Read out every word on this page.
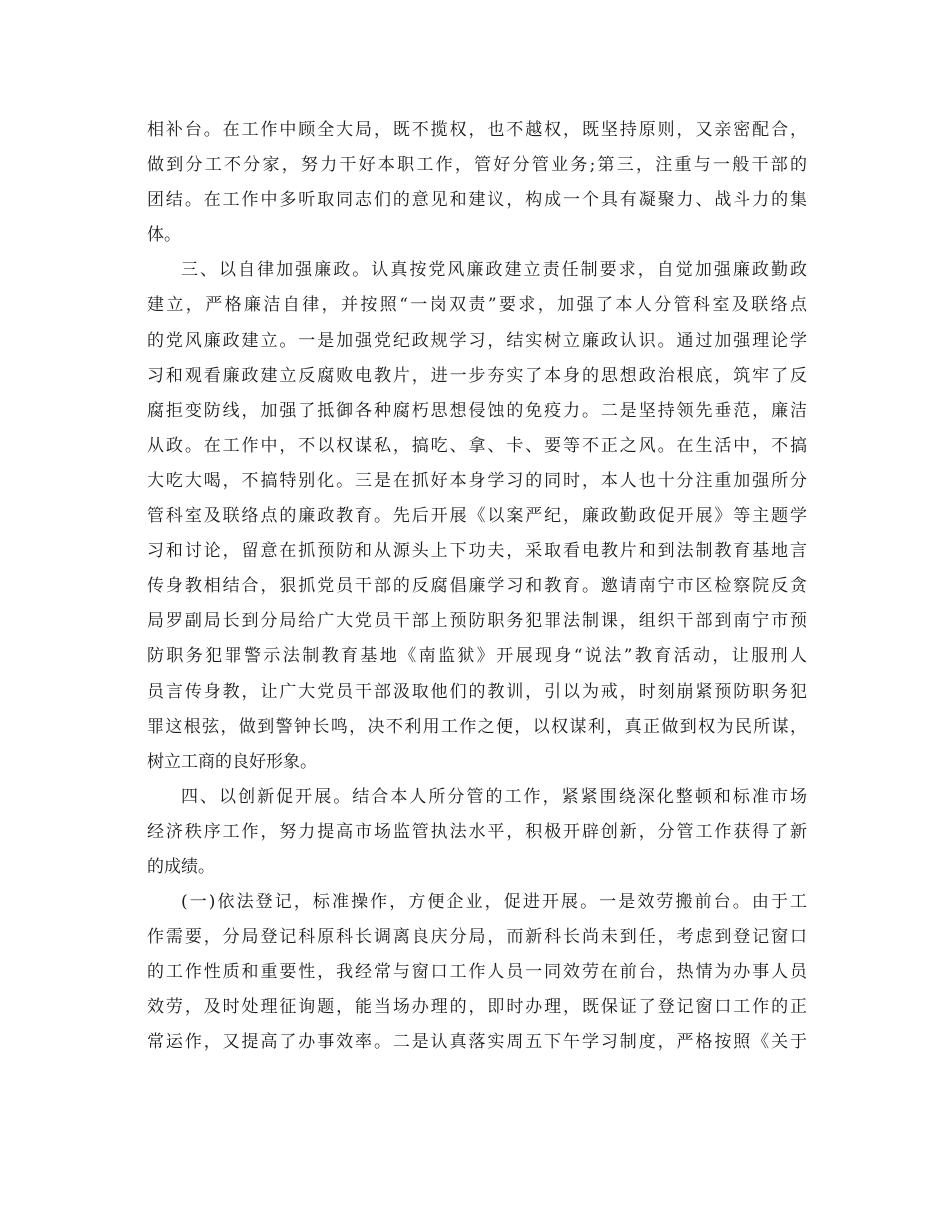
相补台。在工作中顾全大局，既不揽权，也不越权，既坚持原则，又亲密配合，
做到分工不分家，努力干好本职工作，管好分管业务;第三，注重与一般干部的
团结。在工作中多听取同志们的意见和建议，构成一个具有凝聚力、战斗力的集
体。
三、以自律加强廉政。认真按党风廉政建立责任制要求，自觉加强廉政勤政
建立，严格廉洁自律，并按照“一岗双责”要求，加强了本人分管科室及联络点
的党风廉政建立。一是加强党纪政规学习，结实树立廉政认识。通过加强理论学
习和观看廉政建立反腐败电教片，进一步夯实了本身的思想政治根底，筑牢了反
腐拒变防线，加强了抵御各种腐朽思想侵蚀的免疫力。二是坚持领先垂范，廉洁
从政。在工作中，不以权谋私，搞吃、拿、卡、要等不正之风。在生活中，不搞
大吃大喝，不搞特别化。三是在抓好本身学习的同时，本人也十分注重加强所分
管科室及联络点的廉政教育。先后开展《以案严纪，廉政勤政促开展》等主题学
习和讨论，留意在抓预防和从源头上下功夫，采取看电教片和到法制教育基地言
传身教相结合，狠抓党员干部的反腐倡廉学习和教育。邀请南宁市区检察院反贪
局罗副局长到分局给广大党员干部上预防职务犯罪法制课，组织干部到南宁市预
防职务犯罪警示法制教育基地《南监狱》开展现身“说法”教育活动，让服刑人
员言传身教，让广大党员干部汲取他们的教训，引以为戒，时刻崩紧预防职务犯
罪这根弦，做到警钟长鸣，决不利用工作之便，以权谋利，真正做到权为民所谋，
树立工商的良好形象。
四、以创新促开展。结合本人所分管的工作，紧紧围绕深化整顿和标准市场
经济秩序工作，努力提高市场监管执法水平，积极开辟创新，分管工作获得了新
的成绩。
(一)依法登记，标准操作，方便企业，促进开展。一是效劳搬前台。由于工
作需要，分局登记科原科长调离良庆分局，而新科长尚未到任，考虑到登记窗口
的工作性质和重要性，我经常与窗口工作人员一同效劳在前台，热情为办事人员
效劳，及时处理征询题，能当场办理的，即时办理，既保证了登记窗口工作的正
常运作，又提高了办事效率。二是认真落实周五下午学习制度，严格按照《关于
